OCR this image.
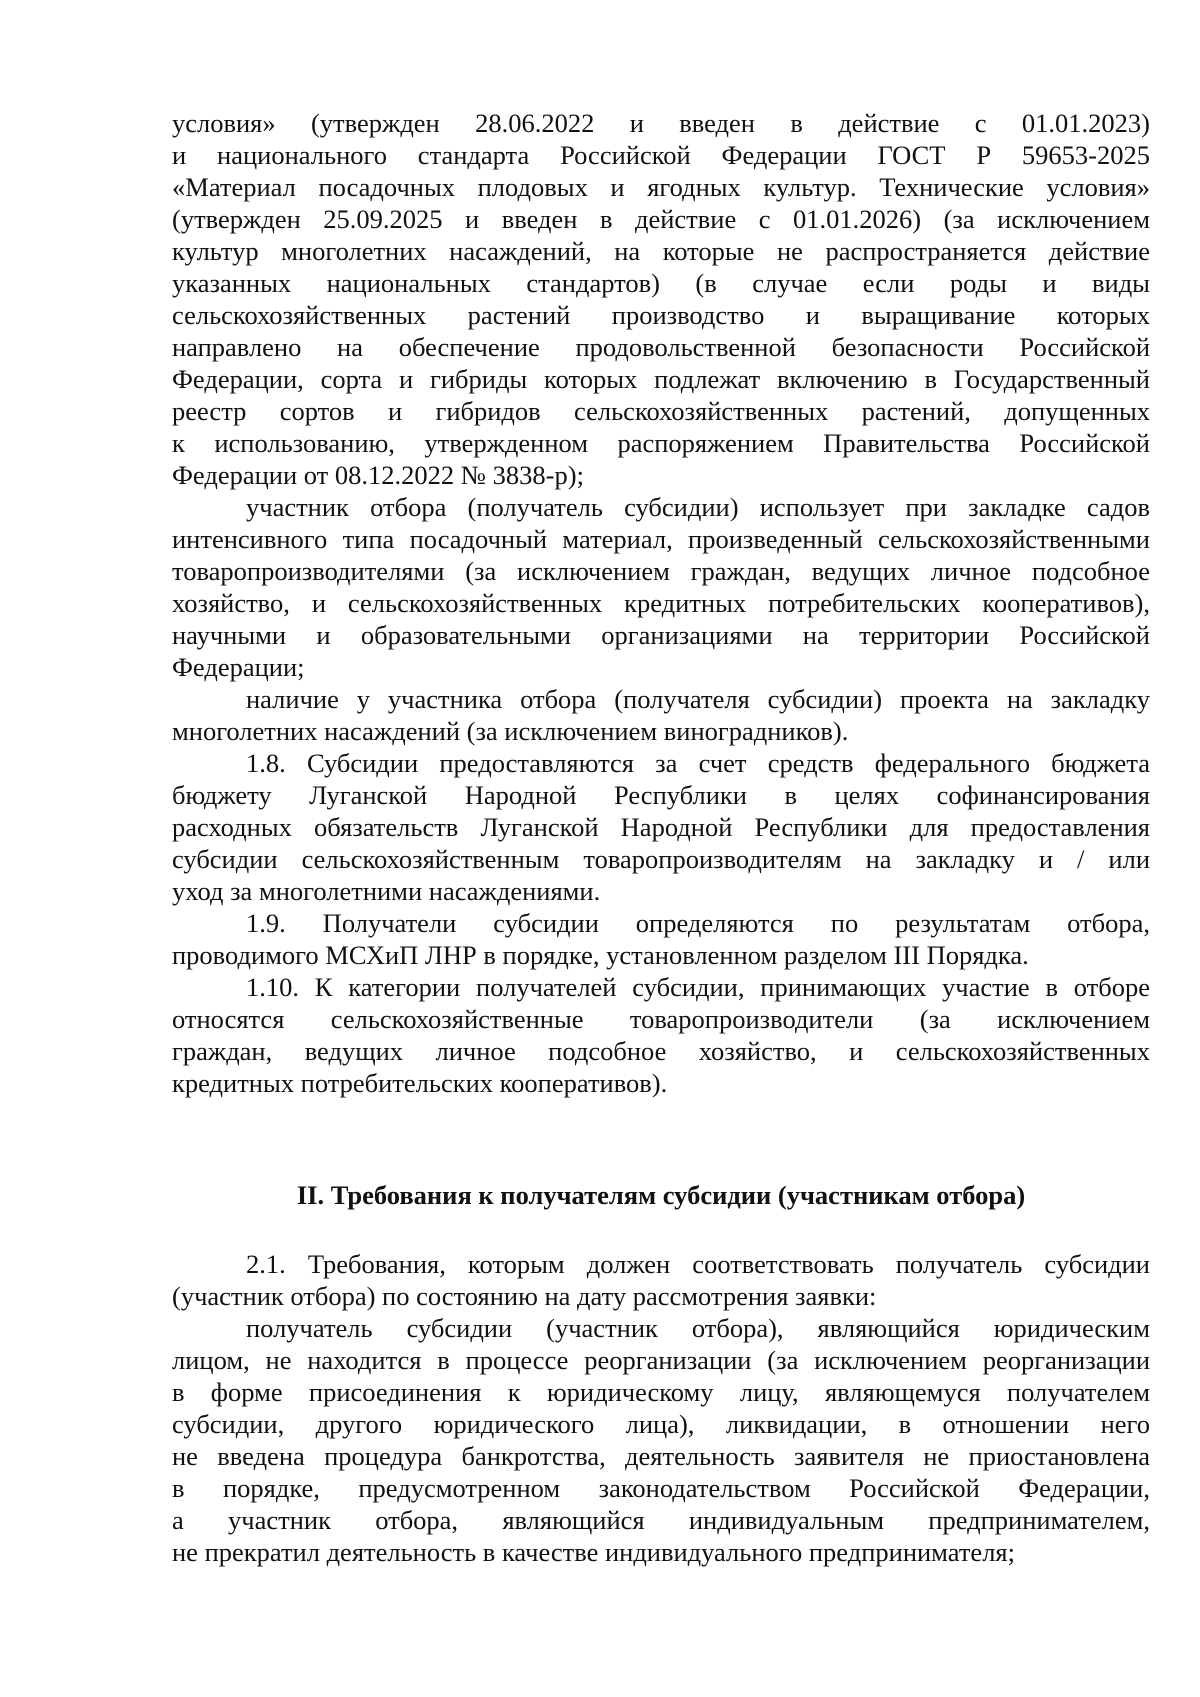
условия» (утвержден 28.06.2022 и введен в действие с 01.01.2023)
и национального стандарта Российской Федерации ГОСТ Р 59653-2025
«Материал посадочных плодовых и ягодных культур. Технические условия»
(утвержден 25.09.2025 и введен в действие с 01.01.2026) (за исключением
культур многолетних насаждений, на которые не распространяется действие
указанных национальных стандартов) (в случае если роды и виды
сельскохозяйственных растений производство и выращивание которых
направлено на обеспечение продовольственной безопасности Российской
Федерации, сорта и гибриды которых подлежат включению в Государственный
реестр сортов и гибридов сельскохозяйственных растений, допущенных
к использованию, утвержденном распоряжением Правительства Российской
Федерации от 08.12.2022 № 3838-р);
участник отбора (получатель субсидии) использует при закладке садов
интенсивного типа посадочный материал, произведенный сельскохозяйственными
товаропроизводителями (за исключением граждан, ведущих личное подсобное
хозяйство, и сельскохозяйственных кредитных потребительских кооперативов),
научными и образовательными организациями на территории Российской
Федерации;
наличие у участника отбора (получателя субсидии) проекта на закладку
многолетних насаждений (за исключением виноградников).
1.8. Субсидии предоставляются за счет средств федерального бюджета
бюджету Луганской Народной Республики в целях софинансирования
расходных обязательств Луганской Народной Республики для предоставления
субсидии сельскохозяйственным товаропроизводителям на закладку и / или
уход за многолетними насаждениями.
1.9. Получатели субсидии определяются по результатам отбора,
проводимого МСХиП ЛНР в порядке, установленном разделом III Порядка.
1.10. К категории получателей субсидии, принимающих участие в отборе
относятся сельскохозяйственные товаропроизводители (за исключением
граждан, ведущих личное подсобное хозяйство, и сельскохозяйственных
кредитных потребительских кооперативов).
II. Требования к получателям субсидии (участникам отбора)
2.1. Требования, которым должен соответствовать получатель субсидии
(участник отбора) по состоянию на дату рассмотрения заявки:
получатель субсидии (участник отбора), являющийся юридическим
лицом, не находится в процессе реорганизации (за исключением реорганизации
в форме присоединения к юридическому лицу, являющемуся получателем
субсидии, другого юридического лица), ликвидации, в отношении него
не введена процедура банкротства, деятельность заявителя не приостановлена
в порядке, предусмотренном законодательством Российской Федерации,
а участник отбора, являющийся индивидуальным предпринимателем,
не прекратил деятельность в качестве индивидуального предпринимателя;
